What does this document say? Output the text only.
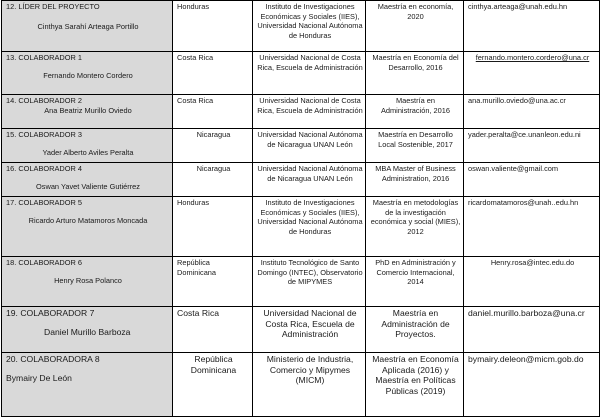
12. LÍDER DEL PROYECTO
Cinthya Sarahí Arteaga Portillo	Honduras	Instituto de Investigaciones Económicas y Sociales (IIES), Universidad Nacional Autónoma de Honduras	Maestría en economía, 2020	cinthya.arteaga@unah.edu.hn

13. COLABORADOR 1
Fernando Montero Cordero	Costa Rica	Universidad Nacional de Costa Rica, Escuela de Administración	Maestría en Economía del Desarrollo, 2016	fernando.montero.cordero@una.cr

14. COLABORADOR 2
Ana Beatriz Murillo Oviedo	Costa Rica	Universidad Nacional de Costa Rica, Escuela de Administración	Maestría en Administración, 2016	ana.murillo.oviedo@una.ac.cr

15. COLABORADOR 3
Yader Alberto Aviles Peralta	Nicaragua	Universidad Nacional Autónoma de Nicaragua UNAN León	Maestría en Desarrollo Local Sostenible, 2017	yader.peralta@ce.unanleon.edu.ni

16. COLABORADOR 4
Oswan Yavet Valiente Gutiérrez	Nicaragua	Universidad Nacional Autónoma de Nicaragua UNAN León	MBA Master of Business Administration, 2016	oswan.valiente@gmail.com

17. COLABORADOR 5
Ricardo Arturo Matamoros Moncada	Honduras	Instituto de Investigaciones Económicas y Sociales (IIES), Universidad Nacional Autónoma de Honduras	Maestría en metodologías de la investigación económica y social (MIES), 2012	ricardomatamoros@unah..edu.hn

18. COLABORADOR 6
Henry Rosa Polanco	República Dominicana	Instituto Tecnológico de Santo Domingo (INTEC), Observatorio de MIPYMES	PhD en Administración y Comercio Internacional, 2014	Henry.rosa@intec.edu.do

19. COLABORADOR 7
Daniel Murillo Barboza	Costa Rica	Universidad Nacional de Costa Rica, Escuela de Administración	Maestría en Administración de Proyectos.	daniel.murillo.barboza@una.cr

20. COLABORADORA 8
Bymairy De León	República Dominicana	Ministerio de Industria, Comercio y Mipymes (MICM)	Maestría en Economía Aplicada (2016) y Maestría en Políticas Públicas (2019)	bymairy.deleon@micm.gob.do
